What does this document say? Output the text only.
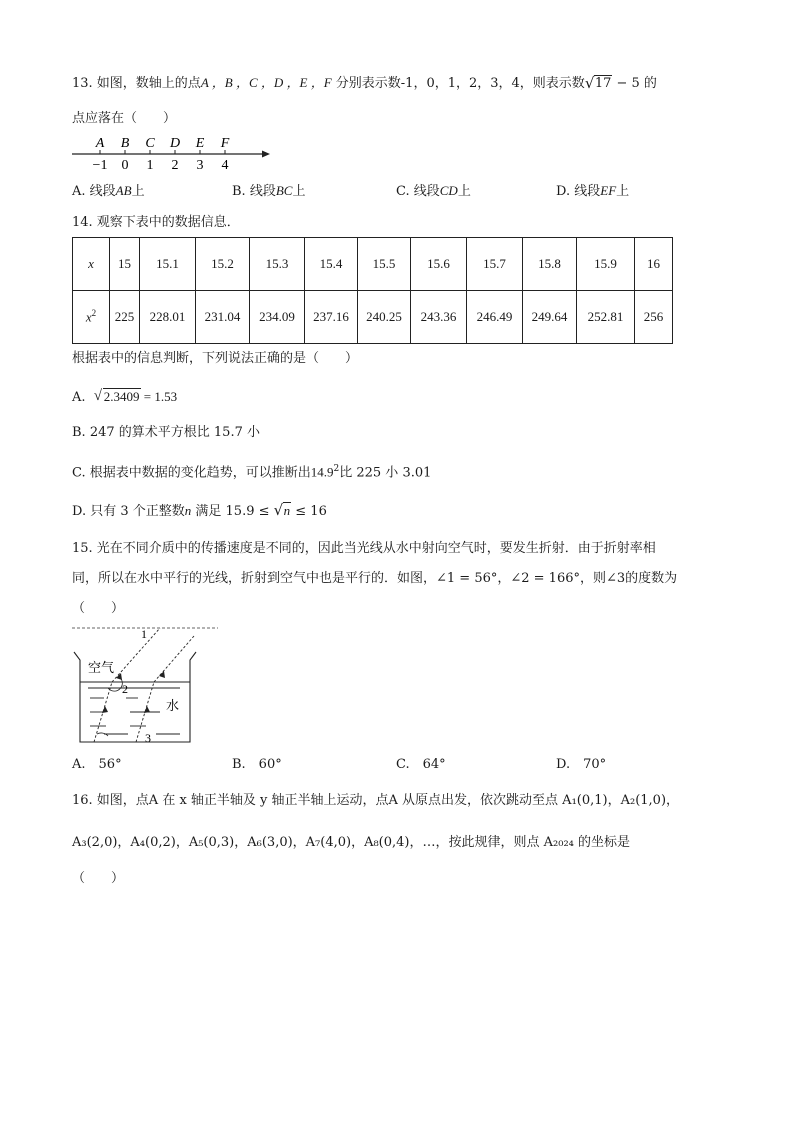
13. 如图，数轴上的点A ，B ，C ，D ，E ，F 分别表示数-1，0，1，2，3，4，则表示数 √ 17 − 5 的
点应落在（　　）
A B C D E F
−1 0 1 2 3 4
A. 线段AB上	B. 线段BC上	C. 线段CD上	D. 线段EF上
14. 观察下表中的数据信息．
x	15	15.1	15.2	15.3	15.4	15.5	15.6	15.7	15.8	15.9	16
$x^2$	225	228.01	231.04	234.09	237.16	240.25	243.36	246.49	249.64	252.81	256
根据表中的信息判断，下列说法正确的是（　　）
A. √ 2.3409 = 1.53
B. 247 的算术平方根比 15.7 小
C. 根据表中数据的变化趋势，可以推断出14.9$^2$比 225 小 3.01
D. 只有 3 个正整数n 满足 15.9 ≤ √ n ≤ 16
15. 光在不同介质中的传播速度是不同的，因此当光线从水中射向空气时，要发生折射．由于折射率相
同，所以在水中平行的光线，折射到空气中也是平行的．如图，∠1 = 56°，∠2 = 166°，则∠3的度数为
（　　）
空气
水
1
2
3
A.　56°	B.　60°	C.　64°	D.　70°
16. 如图，点A 在 x 轴正半轴及 y 轴正半轴上运动，点A 从原点出发，依次跳动至点 A₁(0,1)，A₂(1,0)，
A₃(2,0)，A₄(0,2)，A₅(0,3)，A₆(3,0)，A₇(4,0)，A₈(0,4)，…，按此规律，则点 A₂₀₂₄ 的坐标是
（　　）
